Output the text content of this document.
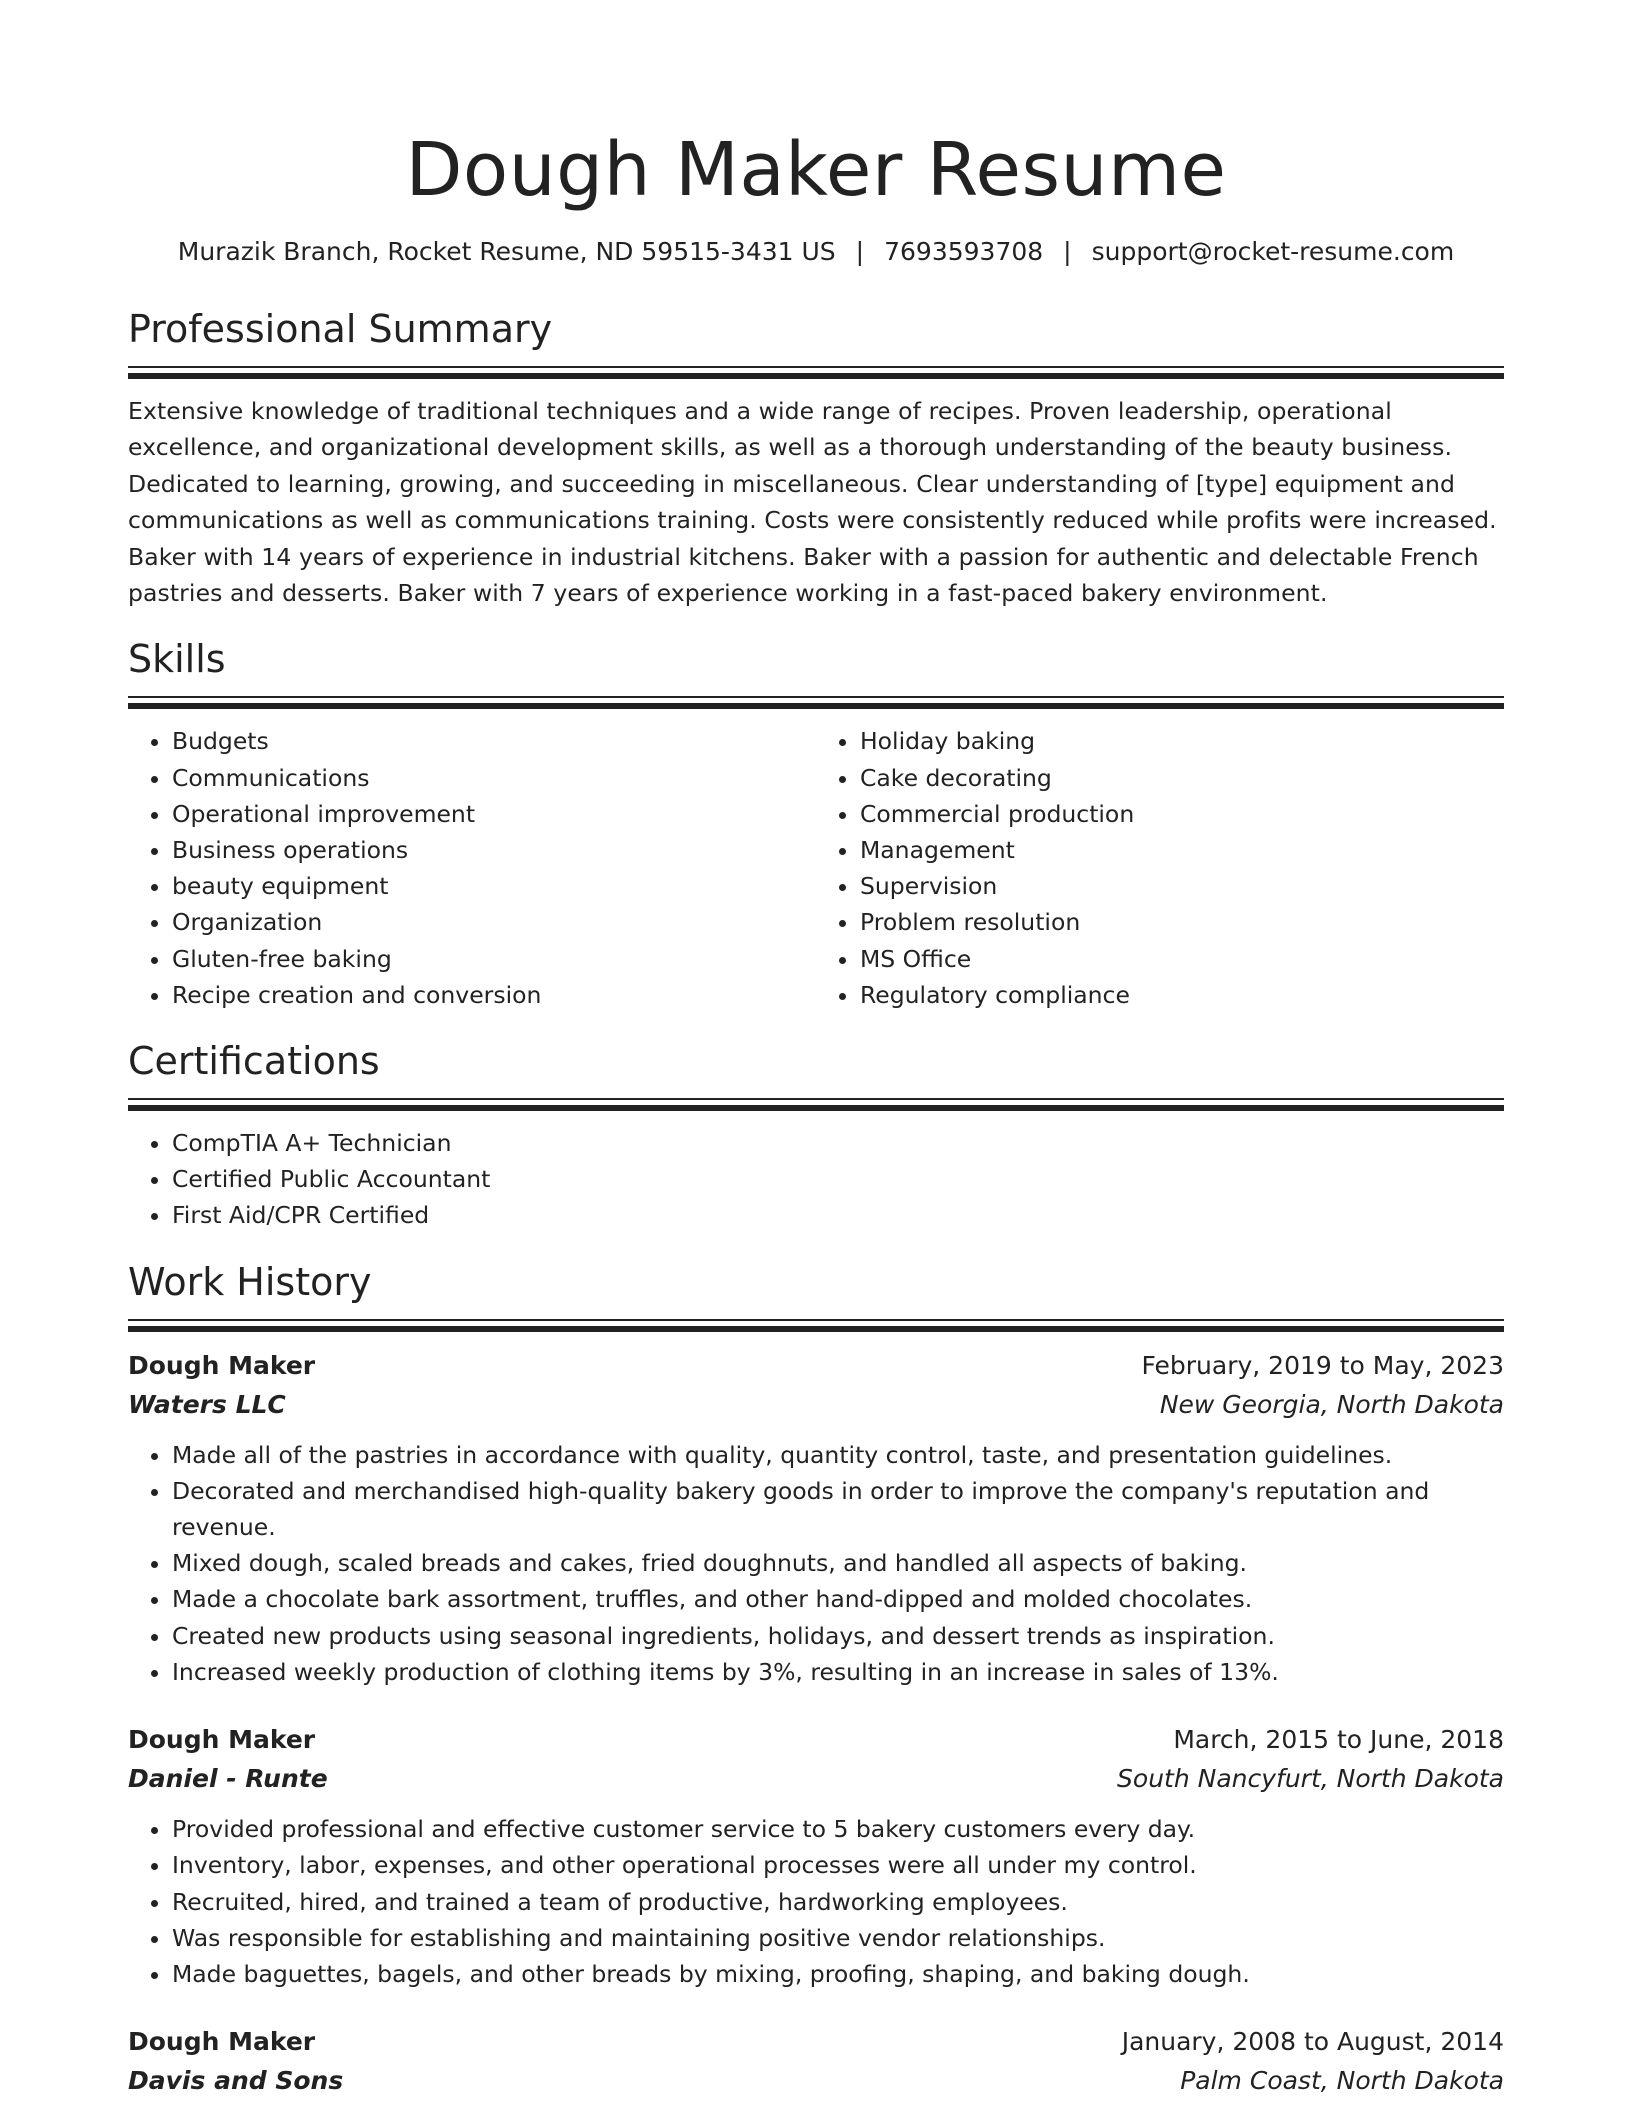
Dough Maker Resume
Murazik Branch, Rocket Resume, ND 59515-3431 US | 7693593708 | support@rocket-resume.com
Professional Summary

Extensive knowledge of traditional techniques and a wide range of recipes. Proven leadership, operational excellence, and organizational development skills, as well as a thorough understanding of the beauty business. Dedicated to learning, growing, and succeeding in miscellaneous. Clear understanding of [type] equipment and communications as well as communications training. Costs were consistently reduced while profits were increased. Baker with 14 years of experience in industrial kitchens. Baker with a passion for authentic and delectable French pastries and desserts. Baker with 7 years of experience working in a fast-paced bakery environment.

Skills
• Budgets
• Communications
• Operational improvement
• Business operations
• beauty equipment
• Organization
• Gluten-free baking
• Recipe creation and conversion
• Holiday baking
• Cake decorating
• Commercial production
• Management
• Supervision
• Problem resolution
• MS Office
• Regulatory compliance
Certifications
• CompTIA A+ Technician
• Certified Public Accountant
• First Aid/CPR Certified
Work History
Dough Maker	February, 2019 to May, 2023
Waters LLC	New Georgia, North Dakota
• Made all of the pastries in accordance with quality, quantity control, taste, and presentation guidelines.
• Decorated and merchandised high-quality bakery goods in order to improve the company's reputation and revenue.
• Mixed dough, scaled breads and cakes, fried doughnuts, and handled all aspects of baking.
• Made a chocolate bark assortment, truffles, and other hand-dipped and molded chocolates.
• Created new products using seasonal ingredients, holidays, and dessert trends as inspiration.
• Increased weekly production of clothing items by 3%, resulting in an increase in sales of 13%.
Dough Maker	March, 2015 to June, 2018
Daniel - Runte	South Nancyfurt, North Dakota
• Provided professional and effective customer service to 5 bakery customers every day.
• Inventory, labor, expenses, and other operational processes were all under my control.
• Recruited, hired, and trained a team of productive, hardworking employees.
• Was responsible for establishing and maintaining positive vendor relationships.
• Made baguettes, bagels, and other breads by mixing, proofing, shaping, and baking dough.
Dough Maker	January, 2008 to August, 2014
Davis and Sons	Palm Coast, North Dakota
